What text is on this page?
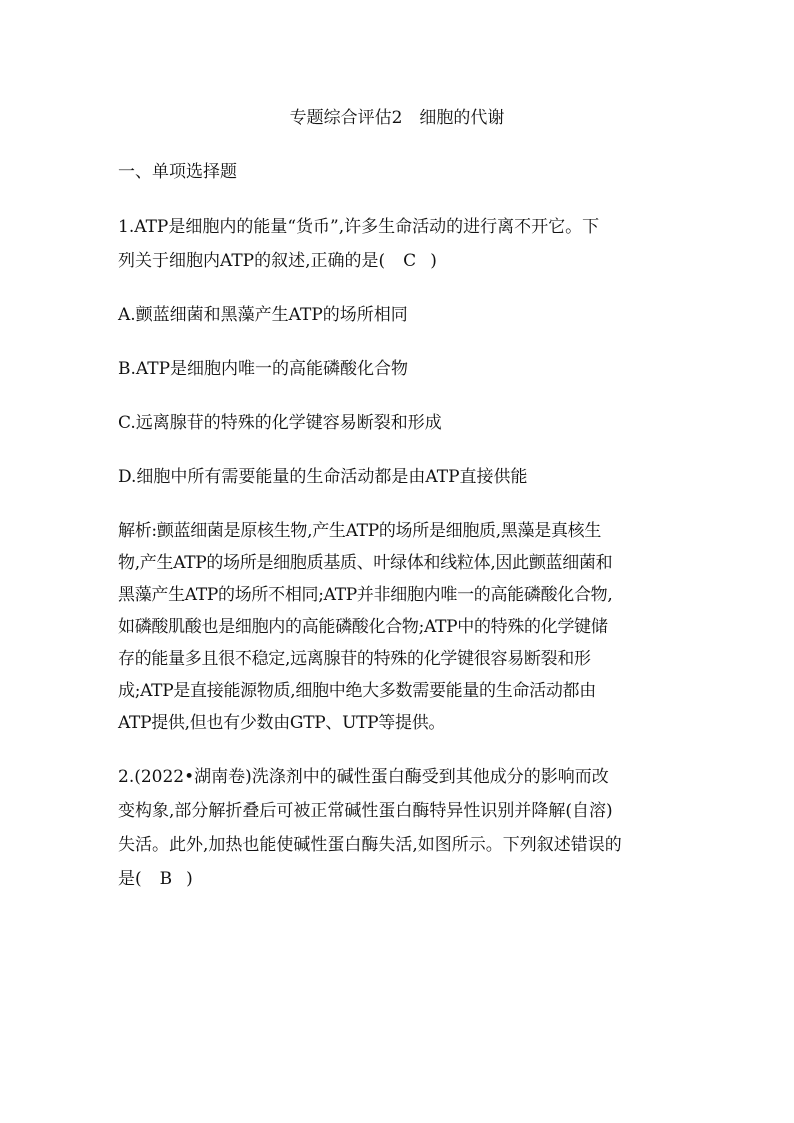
专题综合评估2　细胞的代谢
一、单项选择题
1.ATP是细胞内的能量“货币”,许多生命活动的进行离不开它。下
列关于细胞内ATP的叙述,正确的是( C )
A.颤蓝细菌和黑藻产生ATP的场所相同
B.ATP是细胞内唯一的高能磷酸化合物
C.远离腺苷的特殊的化学键容易断裂和形成
D.细胞中所有需要能量的生命活动都是由ATP直接供能
解析:颤蓝细菌是原核生物,产生ATP的场所是细胞质,黑藻是真核生
物,产生ATP的场所是细胞质基质、叶绿体和线粒体,因此颤蓝细菌和
黑藻产生ATP的场所不相同;ATP并非细胞内唯一的高能磷酸化合物,
如磷酸肌酸也是细胞内的高能磷酸化合物;ATP中的特殊的化学键储
存的能量多且很不稳定,远离腺苷的特殊的化学键很容易断裂和形
成;ATP是直接能源物质,细胞中绝大多数需要能量的生命活动都由
ATP提供,但也有少数由GTP、UTP等提供。
2.(2022•湖南卷)洗涤剂中的碱性蛋白酶受到其他成分的影响而改
变构象,部分解折叠后可被正常碱性蛋白酶特异性识别并降解(自溶)
失活。此外,加热也能使碱性蛋白酶失活,如图所示。下列叙述错误的
是( B )
